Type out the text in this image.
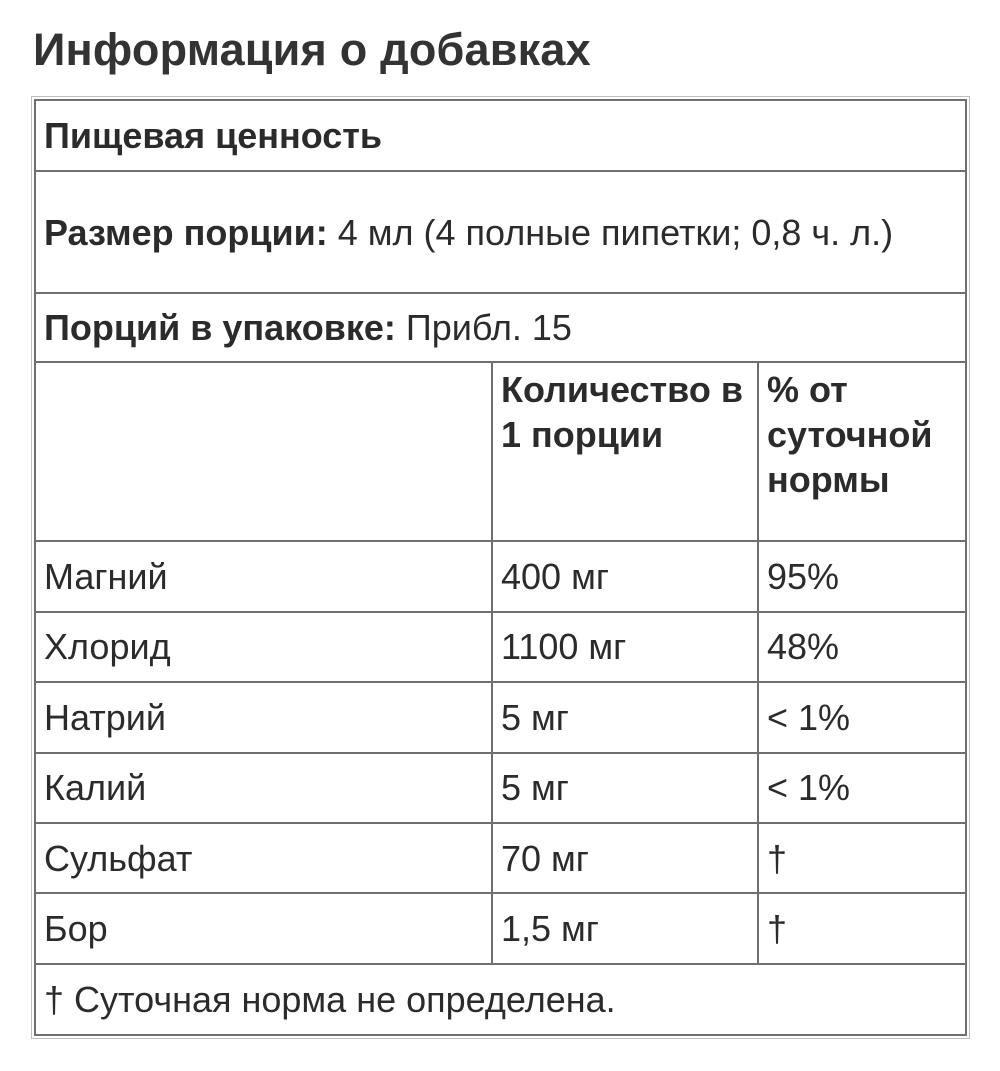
Информация о добавках
Пищевая ценность		
Размер порции: 4 мл (4 полные пипетки; 0,8 ч. л.)		
Порций в упаковке: Прибл. 15		
	Количество в 1 порции	% от суточной нормы
Магний	400 мг	95%
Хлорид	1100 мг	48%
Натрий	5 мг	< 1%
Калий	5 мг	< 1%
Сульфат	70 мг	†
Бор	1,5 мг	†
† Суточная норма не определена.		
